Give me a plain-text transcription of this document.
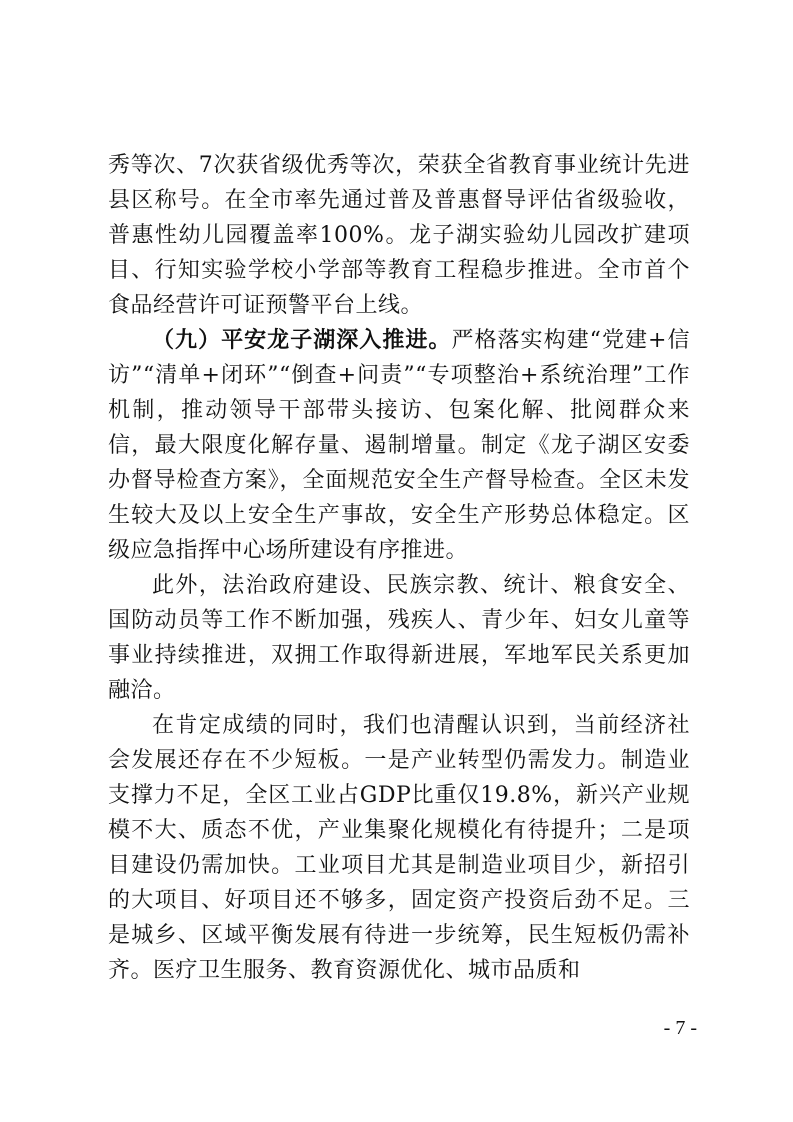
秀等次、7次获省级优秀等次，荣获全省教育事业统计先进县区称号。在全市率先通过普及普惠督导评估省级验收，普惠性幼儿园覆盖率100%。龙子湖实验幼儿园改扩建项目、行知实验学校小学部等教育工程稳步推进。全市首个食品经营许可证预警平台上线。

（九）平安龙子湖深入推进。严格落实构建“党建+信访”“清单+闭环”“倒查+问责”“专项整治+系统治理”工作机制，推动领导干部带头接访、包案化解、批阅群众来信，最大限度化解存量、遏制增量。制定《龙子湖区安委办督导检查方案》，全面规范安全生产督导检查。全区未发生较大及以上安全生产事故，安全生产形势总体稳定。区级应急指挥中心场所建设有序推进。

此外，法治政府建设、民族宗教、统计、粮食安全、国防动员等工作不断加强，残疾人、青少年、妇女儿童等事业持续推进，双拥工作取得新进展，军地军民关系更加融洽。

在肯定成绩的同时，我们也清醒认识到，当前经济社会发展还存在不少短板。一是产业转型仍需发力。制造业支撑力不足，全区工业占GDP比重仅19.8%，新兴产业规模不大、质态不优，产业集聚化规模化有待提升；二是项目建设仍需加快。工业项目尤其是制造业项目少，新招引的大项目、好项目还不够多，固定资产投资后劲不足。三是城乡、区域平衡发展有待进一步统筹，民生短板仍需补齐。医疗卫生服务、教育资源优化、城市品质和

- 7 -
